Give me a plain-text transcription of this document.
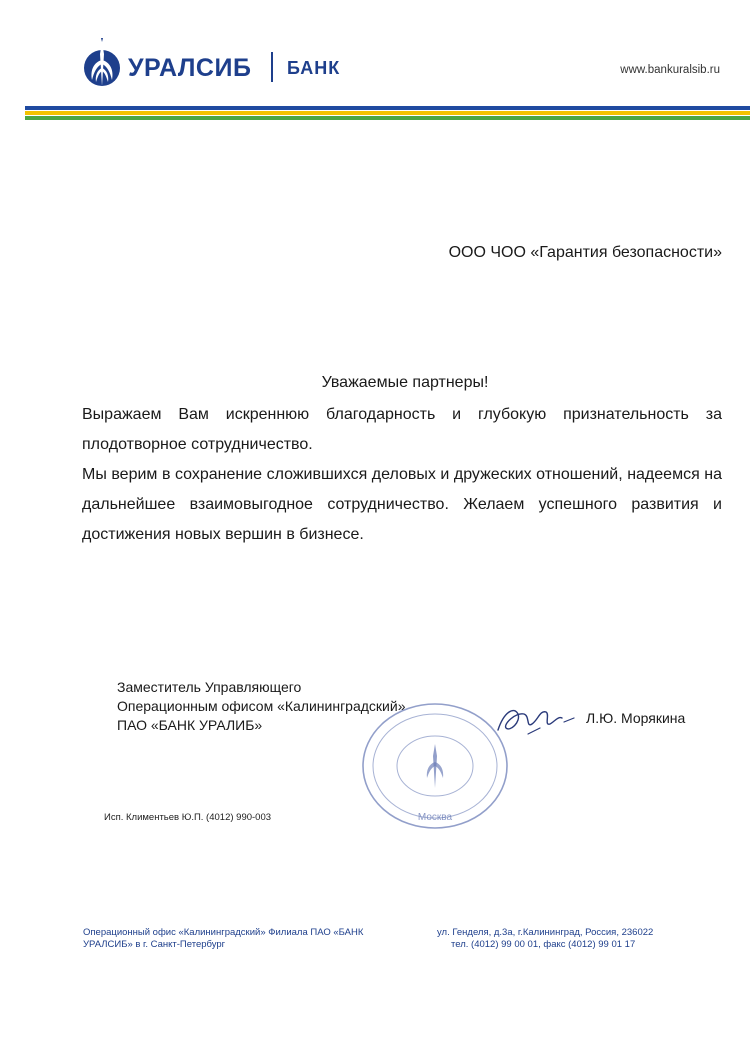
УРАЛСИБ БАНК	www.bankuralsib.ru
ООО ЧОО «Гарантия безопасности»
Уважаемые партнеры!

Выражаем Вам искреннюю благодарность и глубокую признательность за плодотворное сотрудничество.

Мы верим в сохранение сложившихся деловых и дружеских отношений, надеемся на дальнейшее взаимовыгодное сотрудничество. Желаем успешного развития и достижения новых вершин в бизнесе.

Заместитель Управляющего
Операционным офисом «Калининградский»
ПАО «БАНК УРАЛИБ»
Москва
Л.Ю. Морякина
Исп. Климентьев Ю.П. (4012) 990-003
Операционный офис «Калининградский» Филиала ПАО «БАНК
УРАЛСИБ» в г. Санкт-Петербург
ул. Генделя, д.3а, г.Калининград, Россия, 236022
тел. (4012) 99 00 01, факс (4012) 99 01 17
